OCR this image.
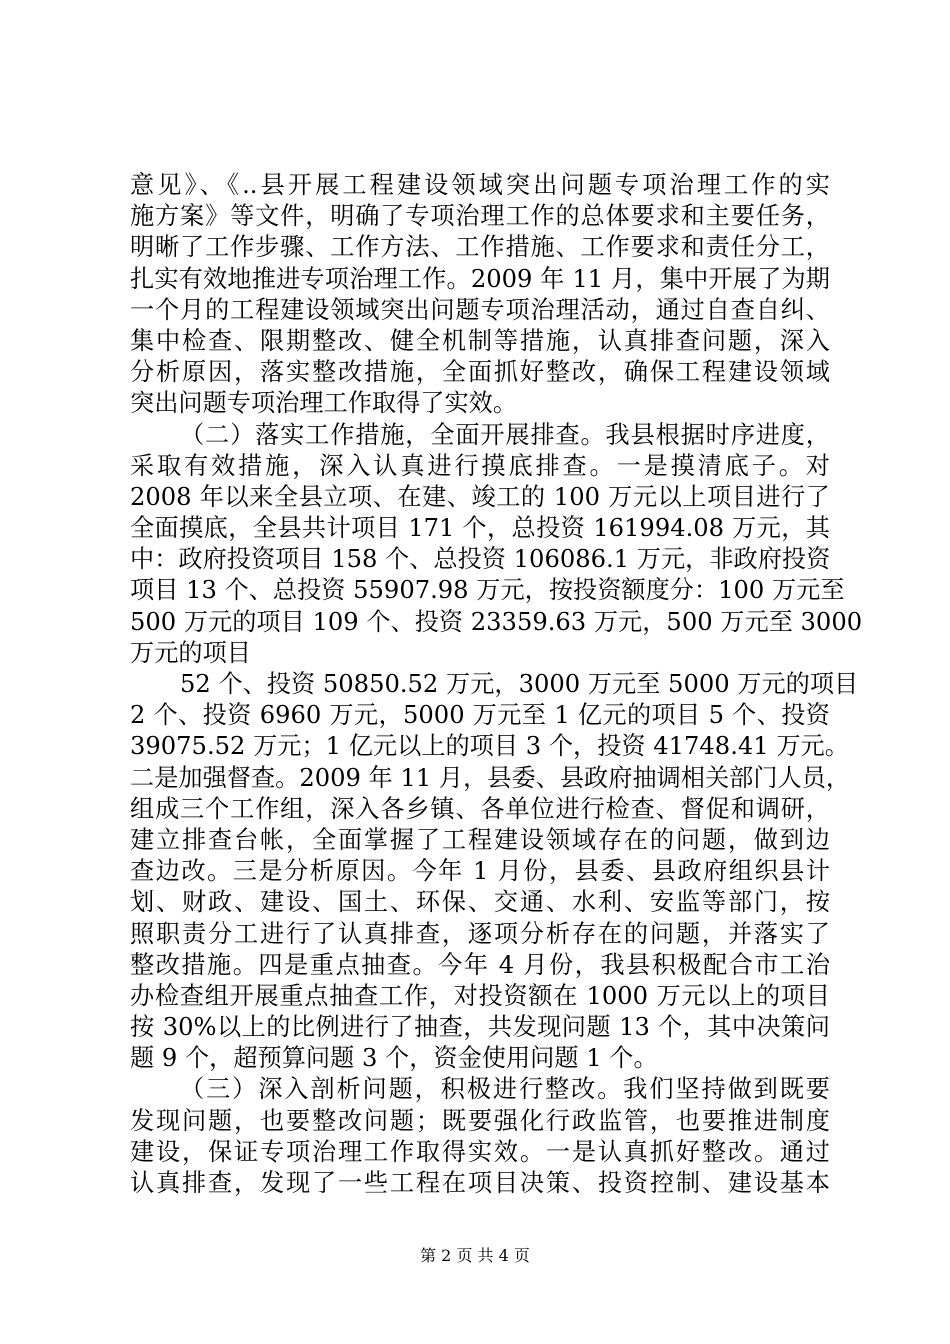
意见》、《..县开展工程建设领域突出问题专项治理工作的实
施方案》等文件，明确了专项治理工作的总体要求和主要任务，
明晰了工作步骤、工作方法、工作措施、工作要求和责任分工，
扎实有效地推进专项治理工作。2009 年 11 月，集中开展了为期
一个月的工程建设领域突出问题专项治理活动，通过自查自纠、
集中检查、限期整改、健全机制等措施，认真排查问题，深入
分析原因，落实整改措施，全面抓好整改，确保工程建设领域
突出问题专项治理工作取得了实效。
（二）落实工作措施，全面开展排查。我县根据时序进度，
采取有效措施，深入认真进行摸底排查。一是摸清底子。对
2008 年以来全县立项、在建、竣工的 100 万元以上项目进行了
全面摸底，全县共计项目 171 个，总投资 161994.08 万元，其
中：政府投资项目 158 个、总投资 106086.1 万元，非政府投资
项目 13 个、总投资 55907.98 万元，按投资额度分：100 万元至
500 万元的项目 109 个、投资 23359.63 万元，500 万元至 3000
万元的项目
52 个、投资 50850.52 万元，3000 万元至 5000 万元的项目
2 个、投资 6960 万元，5000 万元至 1 亿元的项目 5 个、投资
39075.52 万元；1 亿元以上的项目 3 个，投资 41748.41 万元。
二是加强督查。2009 年 11 月，县委、县政府抽调相关部门人员，
组成三个工作组，深入各乡镇、各单位进行检查、督促和调研，
建立排查台帐，全面掌握了工程建设领域存在的问题，做到边
查边改。三是分析原因。今年 1 月份，县委、县政府组织县计
划、财政、建设、国土、环保、交通、水利、安监等部门，按
照职责分工进行了认真排查，逐项分析存在的问题，并落实了
整改措施。四是重点抽查。今年 4 月份，我县积极配合市工治
办检查组开展重点抽查工作，对投资额在 1000 万元以上的项目
按 30%以上的比例进行了抽查，共发现问题 13 个，其中决策问
题 9 个，超预算问题 3 个，资金使用问题 1 个。
（三）深入剖析问题，积极进行整改。我们坚持做到既要
发现问题，也要整改问题；既要强化行政监管，也要推进制度
建设，保证专项治理工作取得实效。一是认真抓好整改。通过
认真排查，发现了一些工程在项目决策、投资控制、建设基本
第 2 页 共 4 页
